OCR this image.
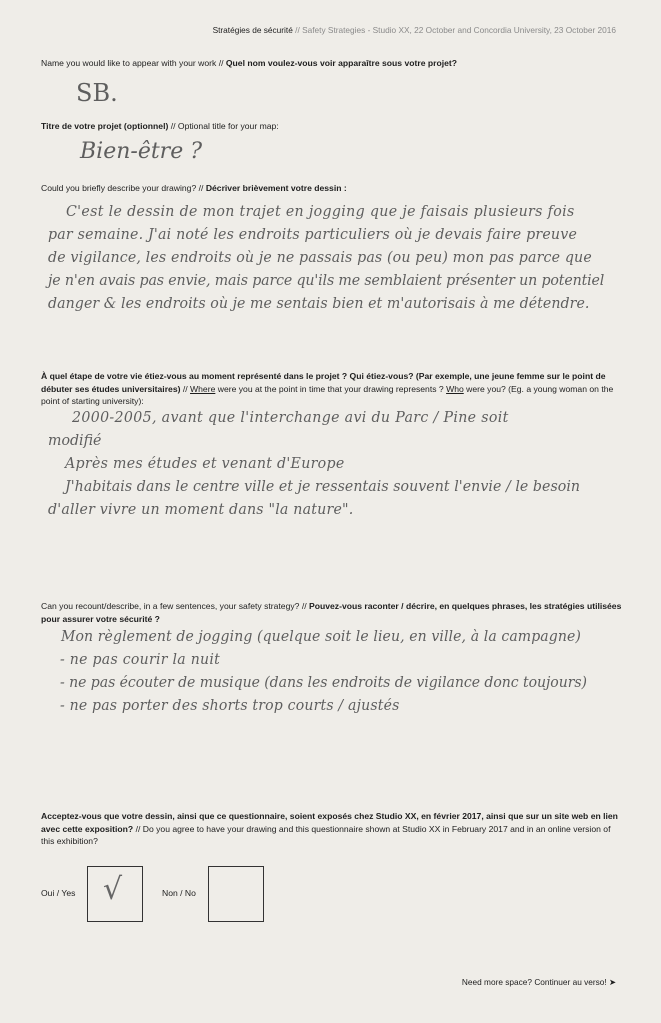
Stratégies de sécurité // Safety Strategies - Studio XX, 22 October and Concordia University, 23 October 2016
Name you would like to appear with your work // Quel nom voulez-vous voir apparaître sous votre projet?
SB.
Titre de votre projet (optionnel) // Optional title for your map:
Bien-être ?
Could you briefly describe your drawing? // Décriver brièvement votre dessin :
C'est le dessin de mon trajet en jogging que je faisais plusieurs fois
par semaine. J'ai noté les endroits particuliers où je devais faire preuve
de vigilance, les endroits où je ne passais pas (ou peu) mon pas parce que
je n'en avais pas envie, mais parce qu'ils me semblaient présenter un potentiel
danger & les endroits où je me sentais bien et m'autorisais à me détendre.
À quel étape de votre vie étiez-vous au moment représenté dans le projet ? Qui étiez-vous? (Par exemple, une jeune femme sur le point de débuter ses études universitaires) // Where were you at the point in time that your drawing represents ? Who were you? (Eg. a young woman on the point of starting university):
2000-2005, avant que l'interchange avi du Parc / Pine soit
modifié
Après mes études et venant d'Europe
J'habitais dans le centre ville et je ressentais souvent l'envie / le besoin
d'aller vivre un moment dans "la nature".
Can you recount/describe, in a few sentences, your safety strategy? // Pouvez-vous raconter / décrire, en quelques phrases, les stratégies utilisées pour assurer votre sécurité ?
Mon règlement de jogging (quelque soit le lieu, en ville, à la campagne)
- ne pas courir la nuit
- ne pas écouter de musique (dans les endroits de vigilance donc toujours)
- ne pas porter des shorts trop courts / ajustés
Acceptez-vous que votre dessin, ainsi que ce questionnaire, soient exposés chez Studio XX, en février 2017, ainsi que sur un site web en lien avec cette exposition? // Do you agree to have your drawing and this questionnaire shown at Studio XX in February 2017 and in an online version of this exhibition?
Oui / Yes √	Non / No
Need more space? Continuer au verso! ➤
